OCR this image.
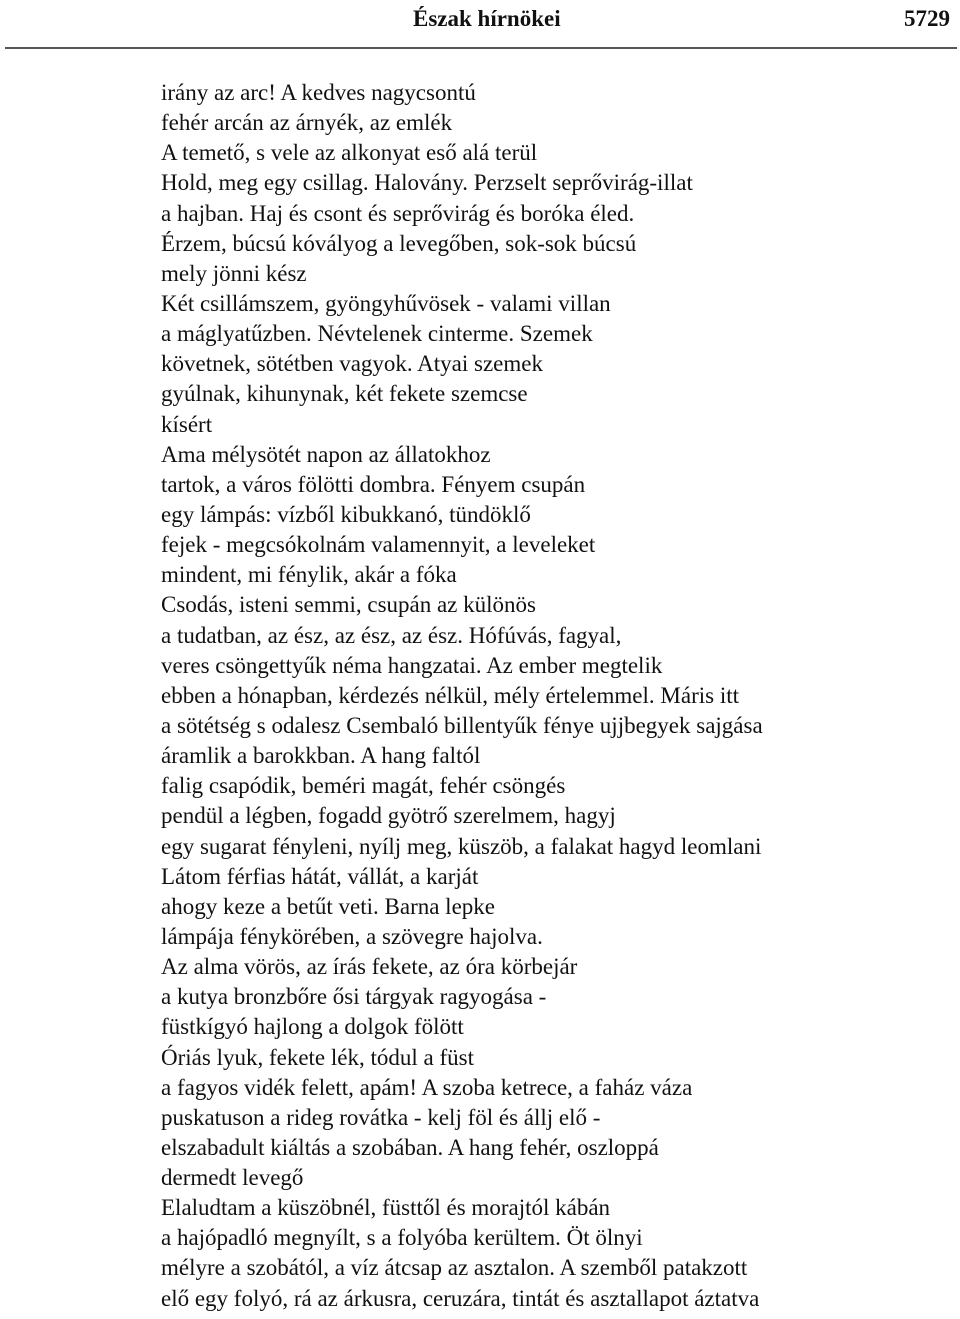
Észak hírnökei	5729
irány az arc! A kedves nagycsontú
fehér arcán az árnyék, az emlék
A temető, s vele az alkonyat eső alá terül
Hold, meg egy csillag. Halovány. Perzselt seprővirág-illat
a hajban. Haj és csont és seprővirág és boróka éled.
Érzem, búcsú kóvályog a levegőben, sok-sok búcsú
mely jönni kész
Két csillámszem, gyöngyhűvösek - valami villan
a máglyatűzben. Névtelenek cinterme. Szemek
követnek, sötétben vagyok. Atyai szemek
gyúlnak, kihunynak, két fekete szemcse
kísért
Ama mélysötét napon az állatokhoz
tartok, a város fölötti dombra. Fényem csupán
egy lámpás: vízből kibukkanó, tündöklő
fejek - megcsókolnám valamennyit, a leveleket
mindent, mi fénylik, akár a fóka
Csodás, isteni semmi, csupán az különös
a tudatban, az ész, az ész, az ész. Hófúvás, fagyal,
veres csöngettyűk néma hangzatai. Az ember megtelik
ebben a hónapban, kérdezés nélkül, mély értelemmel. Máris itt
a sötétség s odalesz Csembaló billentyűk fénye ujjbegyek sajgása
áramlik a barokkban. A hang faltól
falig csapódik, beméri magát, fehér csöngés
pendül a légben, fogadd gyötrő szerelmem, hagyj
egy sugarat fényleni, nyílj meg, küszöb, a falakat hagyd leomlani
Látom férfias hátát, vállát, a karját
ahogy keze a betűt veti. Barna lepke
lámpája fénykörében, a szövegre hajolva.
Az alma vörös, az írás fekete, az óra körbejár
a kutya bronzbőre ősi tárgyak ragyogása -
füstkígyó hajlong a dolgok fölött
Óriás lyuk, fekete lék, tódul a füst
a fagyos vidék felett, apám! A szoba ketrece, a faház váza
puskatuson a rideg rovátka - kelj föl és állj elő -
elszabadult kiáltás a szobában. A hang fehér, oszloppá
dermedt levegő
Elaludtam a küszöbnél, füsttől és morajtól kábán
a hajópadló megnyílt, s a folyóba kerültem. Öt ölnyi
mélyre a szobától, a víz átcsap az asztalon. A szemből patakzott
elő egy folyó, rá az árkusra, ceruzára, tintát és asztallapot áztatva
